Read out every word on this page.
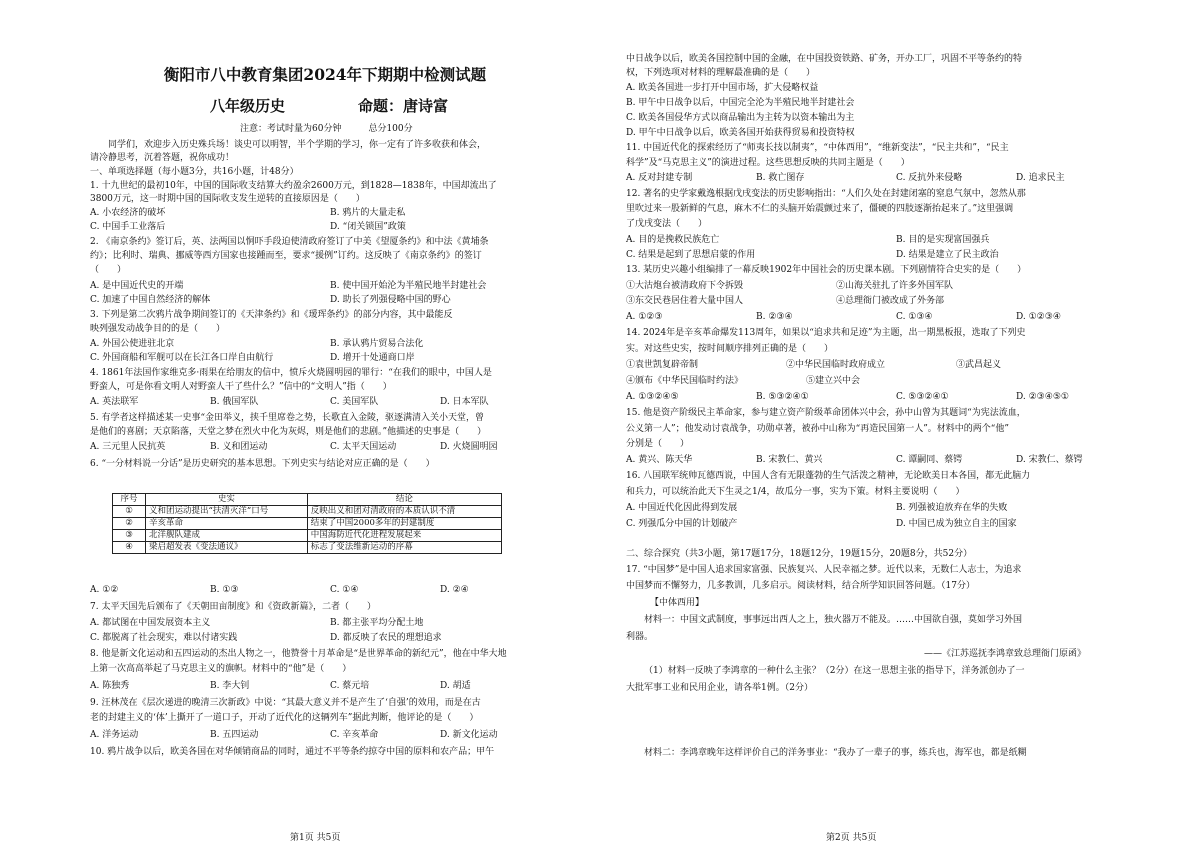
衡阳市八中教育集团2024年下期期中检测试题
八年级历史	命题：唐诗富
注意：考试时量为60分钟　　　总分100分
同学们，欢迎步入历史殊兵场！谈史可以明智，半个学期的学习，你一定有了许多收获和体会，
请冷静思考，沉着答题，祝你成功！
一、单项选择题（每小题3分，共16小题，计48分）
1. 十九世纪的最初10年，中国的国际收支结算大约盈余2600万元，到1828—1838年，中国却流出了
3800万元，这一时期中国的国际收支发生逆转的直接原因是（　　）
A. 小农经济的破坏	B. 鸦片的大量走私
C. 中国手工业落后	D. “闭关锁国”政策
2. 《南京条约》签订后，英、法两国以恫吓手段迫使清政府签订了中美《望厦条约》和中法《黄埔条
约》；比利时、瑞典、挪威等西方国家也接踵而至，要求“援例”订约。这反映了《南京条约》的签订
（　　）
A. 是中国近代史的开端	B. 使中国开始沦为半殖民地半封建社会
C. 加速了中国自然经济的解体	D. 助长了列强侵略中国的野心
3. 下列是第二次鸦片战争期间签订的《天津条约》和《瑷珲条约》的部分内容，其中最能反
映列强发动战争目的的是（　　）
A. 外国公使进驻北京	B. 承认鸦片贸易合法化
C. 外国商船和军舰可以在长江各口岸自由航行	D. 增开十处通商口岸
4. 1861年法国作家维克多·雨果在给朋友的信中，愤斥火烧圆明园的罪行：“在我们的眼中，中国人是
野蛮人，可是你看文明人对野蛮人干了些什么？”信中的“文明人”指（　　）
A. 英法联军	B. 俄国军队	C. 美国军队	D. 日本军队
5. 有学者这样描述某一史事“金田举义，挟千里席卷之势，长歌直入金陵，驱逐满清入关小天堂，曾
是他们的喜剧；天京陷落，天堂之梦在烈火中化为灰烬，则是他们的悲剧。”他描述的史事是（　　）
A. 三元里人民抗英	B. 义和团运动	C. 太平天国运动	D. 火烧圆明园
6. “一分材料说一分话”是历史研究的基本思想。下列史实与结论对应正确的是（　　）
序号	史实	结论
①	义和团运动提出“扶清灭洋”口号	反映出义和团对清政府的本质认识不清
②	辛亥革命	结束了中国2000多年的封建制度
③	北洋舰队建成	中国海防近代化进程发展起来
④	梁启超发表《变法通议》	标志了变法维新运动的序幕
A. ①②	B. ①③	C. ①④	D. ②④
7. 太平天国先后颁布了《天朝田亩制度》和《资政新篇》，二者（　　）
A. 都试图在中国发展资本主义	B. 都主张平均分配土地
C. 都脱离了社会现实，难以付诸实践	D. 都反映了农民的理想追求
8. 他是新文化运动和五四运动的杰出人物之一，他赞誉十月革命是“是世界革命的新纪元”，他在中华大地
上第一次高高举起了马克思主义的旗帜。材料中的“他”是（　　）
A. 陈独秀	B. 李大钊	C. 蔡元培	D. 胡适
9. 汪林茂在《层次递进的晚清三次新政》中说：“其最大意义并不是产生了‘自强’的效用，而是在古
老的封建主义的‘体’上撕开了一道口子，开动了近代化的这辆列车”据此判断，他评论的是（　　）
A. 洋务运动	B. 五四运动	C. 辛亥革命	D. 新文化运动
10. 鸦片战争以后，欧美各国在对华倾销商品的同时，通过不平等条约掠夺中国的原料和农产品；甲午
第1页 共5页
中日战争以后，欧美各国控制中国的金融，在中国投资铁路、矿务，开办工厂，巩固不平等条约的特
权，下列选项对材料的理解最准确的是（　　）
A. 欧美各国进一步打开中国市场，扩大侵略权益
B. 甲午中日战争以后，中国完全沦为半殖民地半封建社会
C. 欧美各国侵华方式以商品输出为主转为以资本输出为主
D. 甲午中日战争以后，欧美各国开始获得贸易和投资特权
11. 中国近代化的探索经历了“师夷长技以制夷”，“中体西用”，“维新变法”，“民主共和”，“民主
科学”及“马克思主义”的演进过程。这些思想反映的共同主题是（　　）
A. 反对封建专制	B. 救亡图存	C. 反抗外来侵略	D. 追求民主
12. 著名的史学家戴逸根据戊戌变法的历史影响指出：“人们久处在封建闭塞的窒息气氛中，忽然从那
里吹过来一股新鲜的气息，麻木不仁的头脑开始震颤过来了，僵硬的四肢逐渐抬起来了。”这里强调
了戊戌变法（　　）
A. 目的是挽救民族危亡	B. 目的是实现富国强兵
C. 结果是起到了思想启蒙的作用	D. 结果是建立了民主政治
13. 某历史兴趣小组编排了一幕反映1902年中国社会的历史课本剧。下列剧情符合史实的是（　　）
①大沽炮台被清政府下令拆毁	②山海关驻扎了许多外国军队
③东交民巷居住着大量中国人	④总理衙门被改成了外务部
A. ①②③	B. ②③④	C. ①③④	D. ①②③④
14. 2024年是辛亥革命爆发113周年，如果以“追求共和足迹”为主题，出一期黑板报，选取了下列史
实。对这些史实，按时间顺序排列正确的是（　　）
①袁世凯复辟帝制	②中华民国临时政府成立	③武昌起义
④颁布《中华民国临时约法》	⑤建立兴中会
A. ①③②④⑤	B. ⑤③②④①	C. ⑤③②④①	D. ②③④⑤①
15. 他是资产阶级民主革命家，参与建立资产阶级革命团体兴中会，孙中山曾为其题词“为宪法流血，
公义第一人”；他发动讨袁战争，功勋卓著，被孙中山称为“再造民国第一人”。材料中的两个“他”
分别是（　　）
A. 黄兴、陈天华	B. 宋教仁、黄兴	C. 谭嗣同、蔡锷	D. 宋教仁、蔡锷
16. 八国联军统帅瓦德西说，中国人含有无限蓬勃的生气活泼之精神，无论欧美日本各国，都无此脑力
和兵力，可以统治此天下生灵之1/4，故瓜分一事，实为下策。材料主要说明（　　）
A. 中国近代化因此得到发展	B. 列强被迫放弃在华的失败
C. 列强瓜分中国的计划破产	D. 中国已成为独立自主的国家
二、综合探究（共3小题，第17题17分，18题12分，19题15分，20题8分，共52分）
17. “中国梦”是中国人追求国家富强、民族复兴、人民幸福之梦。近代以来，无数仁人志士，为追求
中国梦而不懈努力，几多教训，几多启示。阅读材料，结合所学知识回答问题。（17分）
【中体西用】
材料一：中国文武制度，事事远出西人之上，独火器万不能及。……中国欲自强，莫如学习外国
利器。
——《江苏巡抚李鸿章致总理衙门原函》
（1）材料一反映了李鸿章的一种什么主张？（2分）在这一思想主张的指导下，洋务派创办了一
大批军事工业和民用企业，请各举1例。（2分）
材料二：李鸿章晚年这样评价自己的洋务事业：“我办了一辈子的事，练兵也，海军也，都是纸糊
第2页 共5页
